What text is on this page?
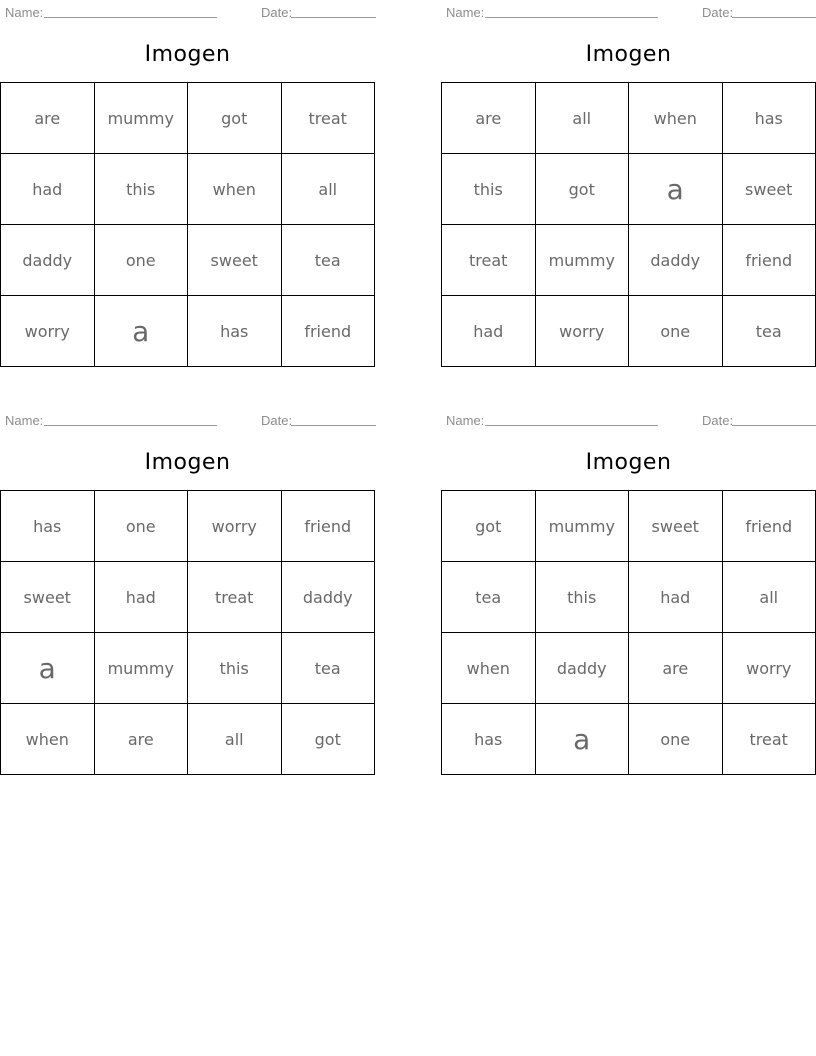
Name:	Date:
Imogen
are	mummy	got	treat
had	this	when	all
daddy	one	sweet	tea
worry	a	has	friend
Name:	Date:
Imogen
are	all	when	has
this	got	a	sweet
treat	mummy	daddy	friend
had	worry	one	tea
Name:	Date:
Imogen
has	one	worry	friend
sweet	had	treat	daddy
a	mummy	this	tea
when	are	all	got
Name:	Date:
Imogen
got	mummy	sweet	friend
tea	this	had	all
when	daddy	are	worry
has	a	one	treat
